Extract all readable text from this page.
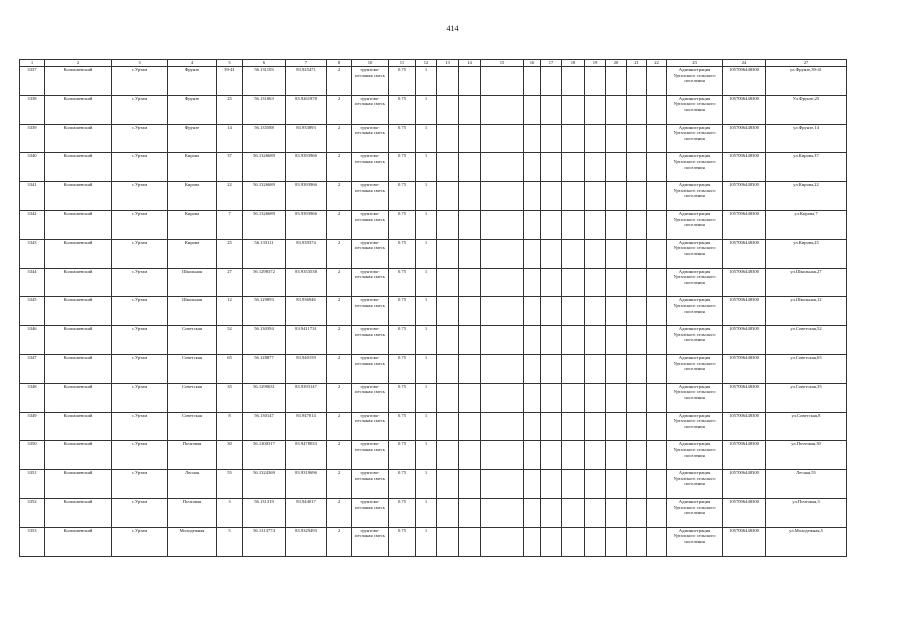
414
1	2	3	4	5	6	7	8	10	11	12	13	14	15	16	17	18	19	20	21	22	23	24	27
3337	Колпашевский	с.Уртам	Фрунзе	39-41	56.131103	83.925471	2	грунтово-песчаная смесь	0.75	1											Администрация Урталского сельского поселения	1057006448300	ул.Фрунзе,39-41
3338	Колпашевский	с.Уртам	Фрунзе	25	56.131063	83.9261878	2	грунтово-песчаная смесь	0.75	1											Администрация Урталского сельского поселения	1057006448300	Ул.Фрунзе,25
3339	Колпашевский	с.Уртам	Фрунзе	14	56.135588	83.933893	2	грунтово-песчаная смесь	0.75	1											Администрация Урталского сельского поселения	1057006448300	ул.Фрунзе,14
3340	Колпашевский	с.Уртам	Кирова	37	56.1326689	83.9393966	2	грунтово-песчаная смесь	0.75	1											Администрация Урталского сельского поселения	1057006448300	ул.Кирова,37
3341	Колпашевский	с.Уртам	Кирова	22	56.1326689	83.9393966	2	грунтово-песчаная смесь	0.75	1											Администрация Урталского сельского поселения	1057006448300	ул.Кирова,22
3342	Колпашевский	с.Уртам	Кирова	7	56.1326689	83.9393966	2	грунтово-песчаная смесь	0.75	1											Администрация Урталского сельского поселения	1057006448300	ул.Кирова,7
3343	Колпашевский	с.Уртам	Кирова	25	56.133111	83.939374	2	грунтово-песчаная смесь	0.75	1											Администрация Урталского сельского поселения	1057006448300	ул.Кирова,25
3344	Колпашевский	с.Уртам	Школьная	27	56.1298372	83.9353538	2	грунтово-песчаная смесь	0.75	1											Администрация Урталского сельского поселения	1057006448300	ул.Школьная,27
3345	Колпашевский	с.Уртам	Школьная	12	56.129893	83.936946	2	грунтово-песчаная смесь	0.75	1											Администрация Урталского сельского поселения	1057006448300	ул.Школьная,12
3346	Колпашевский	с.Уртам	Советская	52	56.130394	83.9411731	2	грунтово-песчаная смесь	0.75	1											Администрация Урталского сельского поселения	1057006448300	ул.Советская,52
3347	Колпашевский	с.Уртам	Советская	65	56.128877	83.940159	2	грунтово-песчаная смесь	0.75	1											Администрация Урталского сельского поселения	1057006448300	ул.Советская,65
3348	Колпашевский	с.Уртам	Советская	35	56.1290631	83.9393147	2	грунтово-песчаная смесь	0.75	1											Администрация Урталского сельского поселения	1057006448300	ул.Советская,35
3349	Колпашевский	с.Уртам	Советская	8	56.130147	83.947014	2	грунтово-песчаная смесь	0.75	1											Администрация Урталского сельского поселения	1057006448300	ул.Советская,8
3350	Колпашевский	с.Уртам	Почтовая	30	56.1300317	83.9478033	2	грунтово-песчаная смесь	0.75	1											Администрация Урталского сельского поселения	1057006448300	ул.Почтовая,30
3351	Колпашевский	с.Уртам	Лесная	55	56.1324369	83.9319696	2	грунтово-песчаная смесь	0.75	1											Администрация Урталского сельского поселения	1057006448300	Лесная,55
3352	Колпашевский	с.Уртам	Почтовая	3	56.131319	83.944017	2	грунтово-песчаная смесь	0.75	1											Администрация Урталского сельского поселения	1057006448300	ул.Почтовая,3
3353	Колпашевский	с.Уртам	Молодежная	5	56.1313774	83.9329493	2	грунтово-песчаная смесь	0.75	1											Администрация Урталского сельского поселения	1057006448300	ул.Молодежная,5
